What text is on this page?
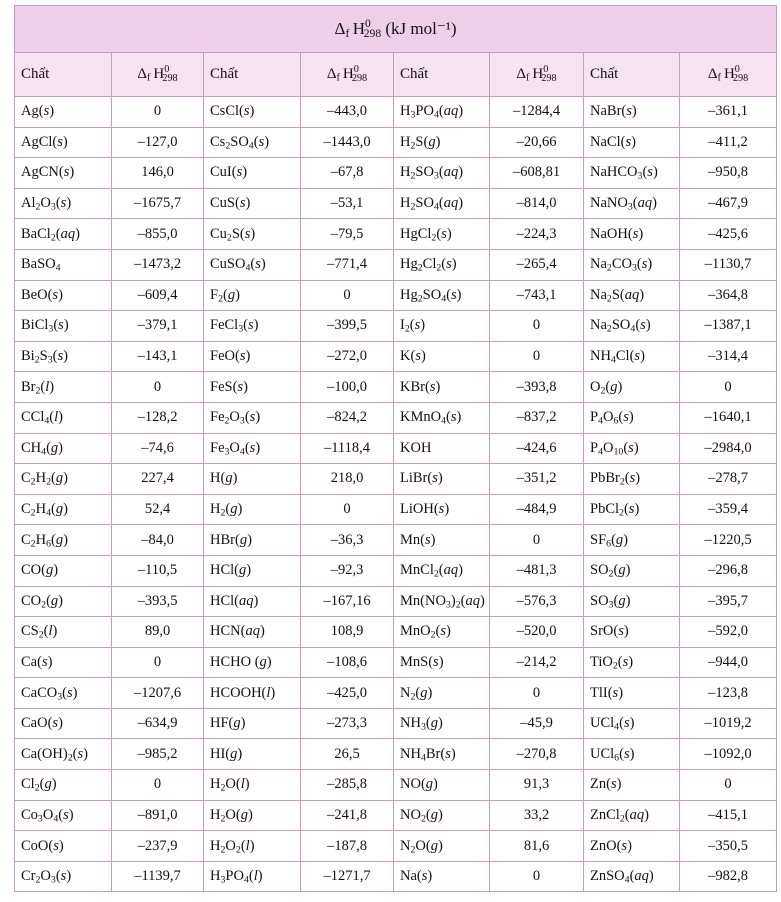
$\Delta_f$  $H^0_{298}$ (kJ mol⁻¹)							
Chất	$\Delta_f$  $H^0_{298}$	Chất	$\Delta_f$  $H^0_{298}$	Chất	$\Delta_f$  $H^0_{298}$	Chất	$\Delta_f$  $H^0_{298}$
Ag(s)	0	CsCl(s)	–443,0	$H_3PO_4(aq)$	–1284,4	NaBr(s)	–361,1
AgCl(s)	–127,0	$Cs_2SO_4(s)$	–1443,0	$H_2S(g)$	–20,66	NaCl(s)	–411,2
AgCN(s)	146,0	CuI(s)	–67,8	$H_2SO_3(aq)$	–608,81	NaHCO$_3$(s)	–950,8
$Al_2O_3(s)$	–1675,7	CuS(s)	–53,1	$H_2SO_4(aq)$	–814,0	NaNO$_3$(aq)	–467,9
BaCl$_2$(aq)	–855,0	$Cu_2S(s)$	–79,5	HgCl$_2$(s)	–224,3	NaOH(s)	–425,6
BaSO$_4$	–1473,2	CuSO$_4$(s)	–771,4	$Hg_2Cl_2(s)$	–265,4	$Na_2CO_3(s)$	–1130,7
BeO(s)	–609,4	$F_2(g)$	0	$Hg_2SO_4(s)$	–743,1	$Na_2S(aq)$	–364,8
BiCl$_3$(s)	–379,1	FeCl$_3$(s)	–399,5	$I_2(s)$	0	$Na_2SO_4(s)$	–1387,1
$Bi_2S_3(s)$	–143,1	FeO(s)	–272,0	K(s)	0	$NH_4Cl(s)$	–314,4
$Br_2(l)$	0	FeS(s)	–100,0	KBr(s)	–393,8	$O_2(g)$	0
CCl$_4$(l)	–128,2	$Fe_2O_3(s)$	–824,2	KMnO$_4$(s)	–837,2	$P_4O_6(s)$	–1640,1
$CH_4(g)$	–74,6	$Fe_3O_4(s)$	–1118,4	KOH	–424,6	$P_4O_{10}(s)$	–2984,0
$C_2H_2(g)$	227,4	H(g)	218,0	LiBr(s)	–351,2	PbBr$_2$(s)	–278,7
$C_2H_4(g)$	52,4	$H_2(g)$	0	LiOH(s)	–484,9	PbCl$_2$(s)	–359,4
$C_2H_6(g)$	–84,0	HBr(g)	–36,3	Mn(s)	0	$SF_6(g)$	–1220,5
CO(g)	–110,5	HCl(g)	–92,3	MnCl$_2$(aq)	–481,3	$SO_2(g)$	–296,8
$CO_2(g)$	–393,5	HCl(aq)	–167,16	$Mn(NO_3)_2(aq)$	–576,3	$SO_3(g)$	–395,7
$CS_2(l)$	89,0	HCN(aq)	108,9	MnO$_2$(s)	–520,0	SrO(s)	–592,0
Ca(s)	0	HCHO (g)	–108,6	MnS(s)	–214,2	TiO$_2$(s)	–944,0
CaCO$_3$(s)	–1207,6	HCOOH(l)	–425,0	$N_2(g)$	0	TlI(s)	–123,8
CaO(s)	–634,9	HF(g)	–273,3	$NH_3(g)$	–45,9	UCl$_4$(s)	–1019,2
$Ca(OH)_2(s)$	–985,2	HI(g)	26,5	$NH_4Br(s)$	–270,8	UCl$_6$(s)	–1092,0
$Cl_2(g)$	0	$H_2O(l)$	–285,8	NO(g)	91,3	Zn(s)	0
$Co_3O_4(s)$	–891,0	$H_2O(g)$	–241,8	$NO_2(g)$	33,2	ZnCl$_2$(aq)	–415,1
CoO(s)	–237,9	$H_2O_2(l)$	–187,8	$N_2O(g)$	81,6	ZnO(s)	–350,5
$Cr_2O_3(s)$	–1139,7	$H_3PO_4(l)$	–1271,7	Na(s)	0	ZnSO$_4$(aq)	–982,8
